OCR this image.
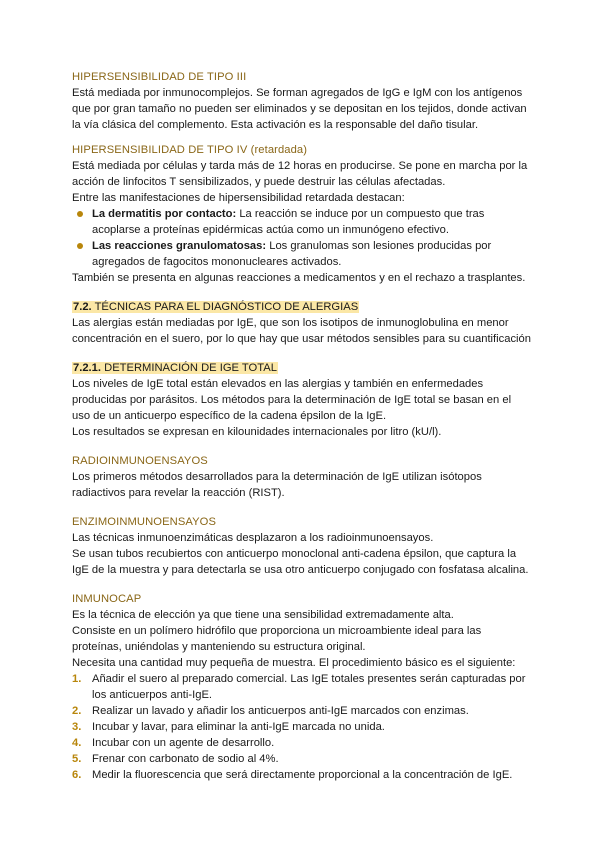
HIPERSENSIBILIDAD DE TIPO III

Está mediada por inmunocomplejos. Se forman agregados de IgG e IgM con los antígenos que por gran tamaño no pueden ser eliminados y se depositan en los tejidos, donde activan la vía clásica del complemento. Esta activación es la responsable del daño tisular.

HIPERSENSIBILIDAD DE TIPO IV (retardada)

Está mediada por células y tarda más de 12 horas en producirse. Se pone en marcha por la acción de linfocitos T sensibilizados, y puede destruir las células afectadas.

Entre las manifestaciones de hipersensibilidad retardada destacan:

La dermatitis por contacto: La reacción se induce por un compuesto que tras acoplarse a proteínas epidérmicas actúa como un inmunógeno efectivo.
Las reacciones granulomatosas: Los granulomas son lesiones producidas por agregados de fagocitos mononucleares activados.

También se presenta en algunas reacciones a medicamentos y en el rechazo a trasplantes.

7.2. TÉCNICAS PARA EL DIAGNÓSTICO DE ALERGIAS

Las alergias están mediadas por IgE, que son los isotipos de inmunoglobulina en menor concentración en el suero, por lo que hay que usar métodos sensibles para su cuantificación

7.2.1. DETERMINACIÓN DE IGE TOTAL

Los niveles de IgE total están elevados en las alergias y también en enfermedades producidas por parásitos. Los métodos para la determinación de IgE total se basan en el uso de un anticuerpo específico de la cadena épsilon de la IgE.

Los resultados se expresan en kilounidades internacionales por litro (kU/l).

RADIOINMUNOENSAYOS

Los primeros métodos desarrollados para la determinación de IgE utilizan isótopos radiactivos para revelar la reacción (RIST).

ENZIMOINMUNOENSAYOS

Las técnicas inmunoenzimáticas desplazaron a los radioinmunoensayos.

Se usan tubos recubiertos con anticuerpo monoclonal anti-cadena épsilon, que captura la IgE de la muestra y para detectarla se usa otro anticuerpo conjugado con fosfatasa alcalina.

INMUNOCAP

Es la técnica de elección ya que tiene una sensibilidad extremadamente alta.

Consiste en un polímero hidrófilo que proporciona un microambiente ideal para las proteínas, uniéndolas y manteniendo su estructura original.

Necesita una cantidad muy pequeña de muestra. El procedimiento básico es el siguiente:

1. Añadir el suero al preparado comercial. Las IgE totales presentes serán capturadas por los anticuerpos anti-IgE.
2. Realizar un lavado y añadir los anticuerpos anti-IgE marcados con enzimas.
3. Incubar y lavar, para eliminar la anti-IgE marcada no unida.
4. Incubar con un agente de desarrollo.
5. Frenar con carbonato de sodio al 4%.
6. Medir la fluorescencia que será directamente proporcional a la concentración de IgE.
